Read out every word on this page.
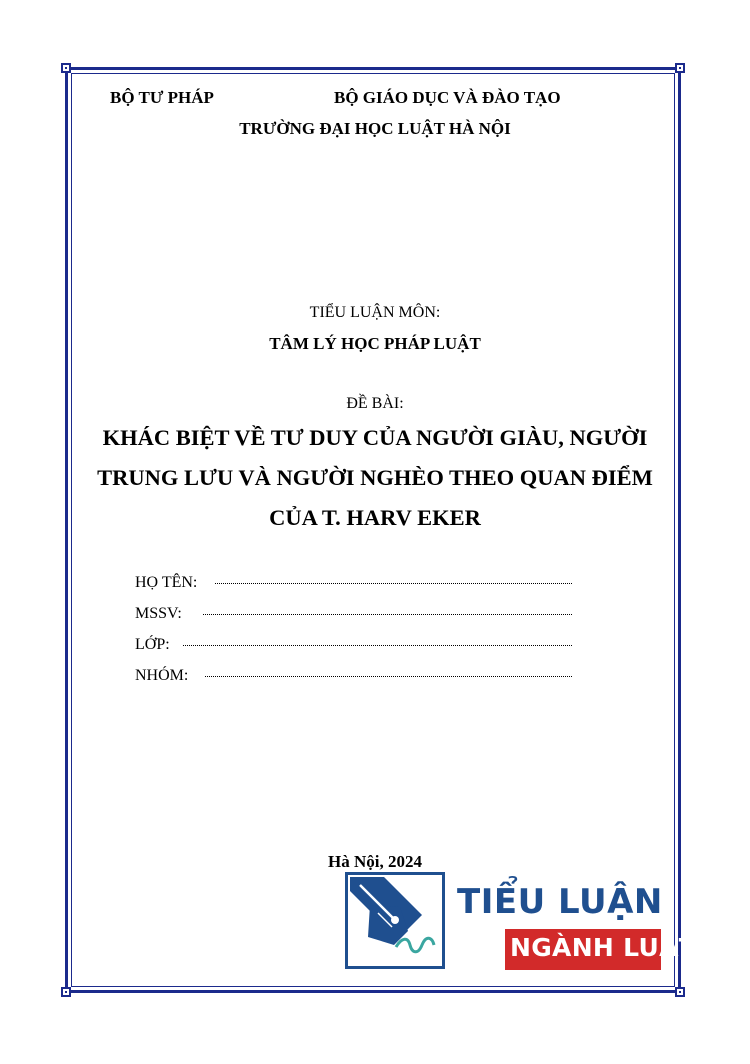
BỘ TƯ PHÁP	BỘ GIÁO DỤC VÀ ĐÀO TẠO
TRƯỜNG ĐẠI HỌC LUẬT HÀ NỘI
TIỂU LUẬN MÔN:
TÂM LÝ HỌC PHÁP LUẬT
ĐỀ BÀI:
KHÁC BIỆT VỀ TƯ DUY CỦA NGƯỜI GIÀU, NGƯỜI
TRUNG LƯU VÀ NGƯỜI NGHÈO THEO QUAN ĐIỂM
CỦA T. HARV EKER
HỌ TÊN:
MSSV:
LỚP:
NHÓM:
Hà Nội, 2024
TIỂU LUẬN
NGÀNH LUẬT
